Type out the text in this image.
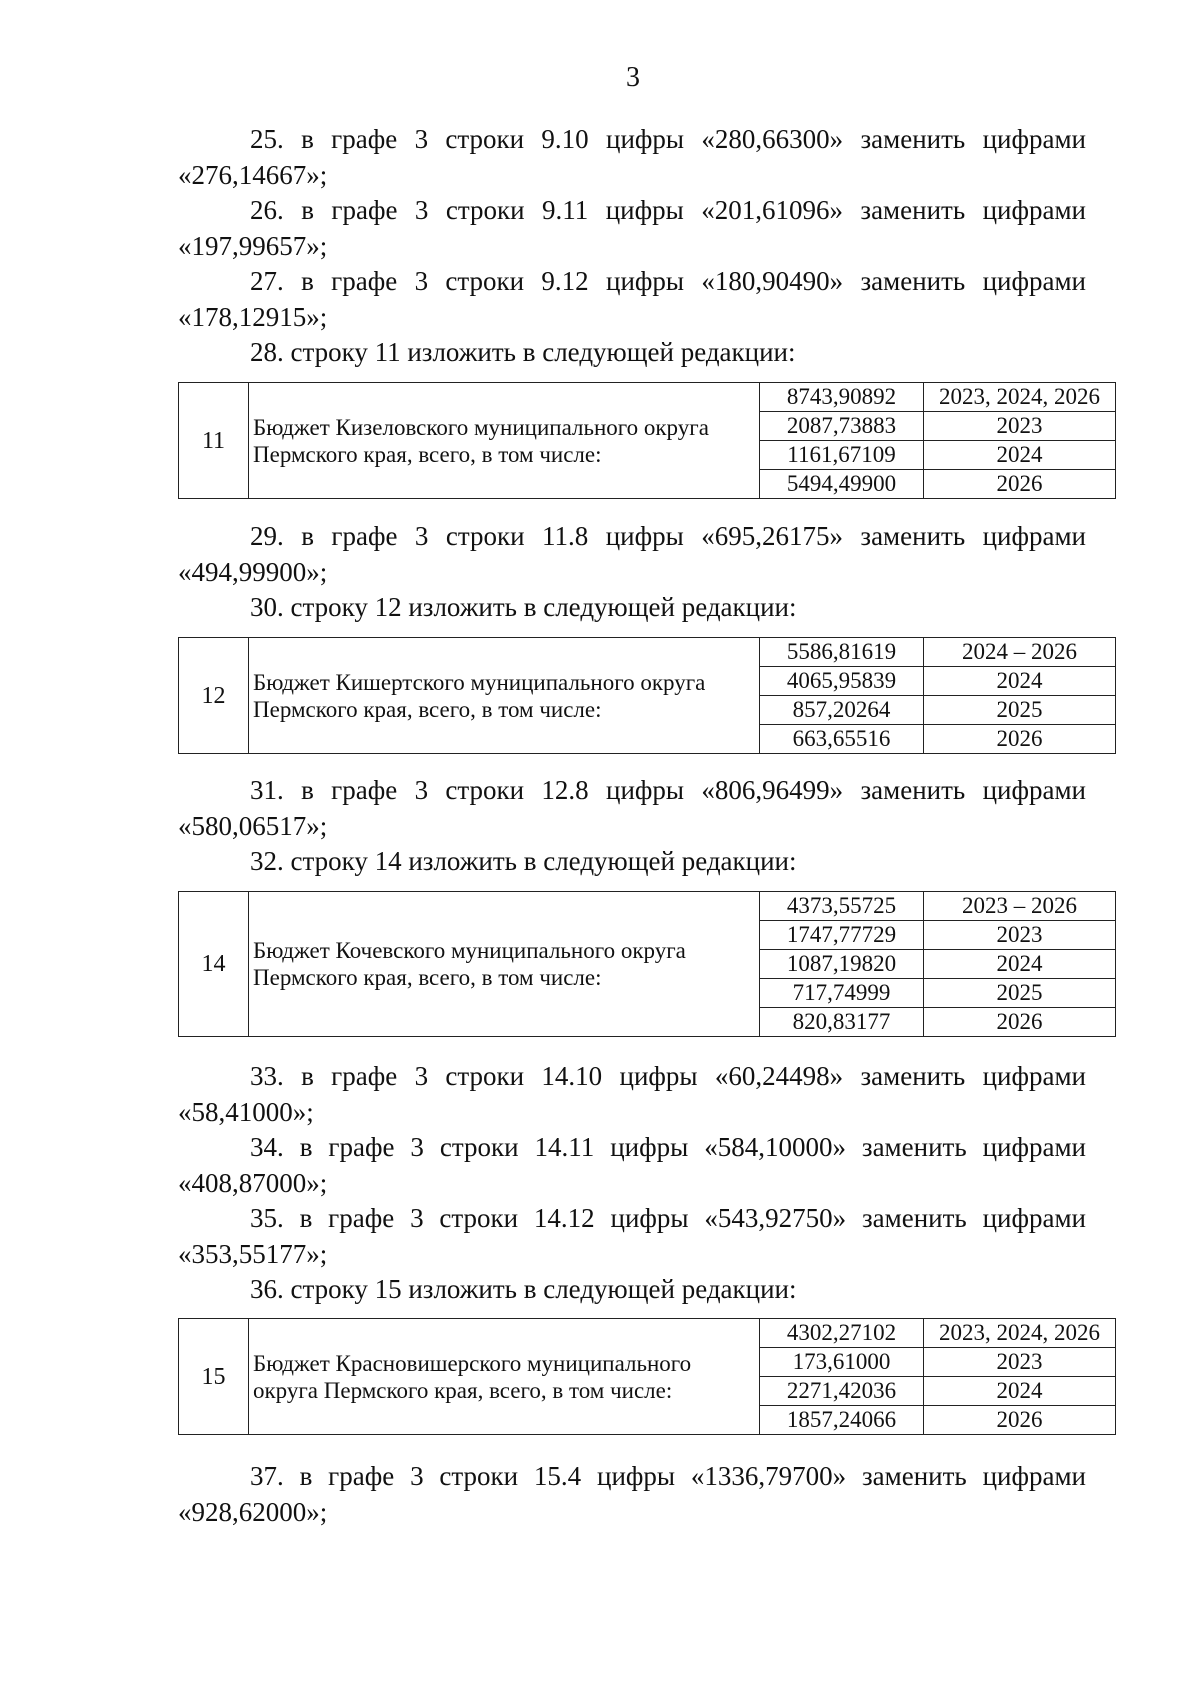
3
25. в графе 3 строки 9.10 цифры «280,66300» заменить цифрами
«276,14667»;
26. в графе 3 строки 9.11 цифры «201,61096» заменить цифрами
«197,99657»;
27. в графе 3 строки 9.12 цифры «180,90490» заменить цифрами
«178,12915»;
28. строку 11 изложить в следующей редакции:
11	Бюджет Кизеловского муниципального округа Пермского края, всего, в том числе:	8743,90892	2023, 2024, 2026
		2087,73883	2023
		1161,67109	2024
		5494,49900	2026
29. в графе 3 строки 11.8 цифры «695,26175» заменить цифрами
«494,99900»;
30. строку 12 изложить в следующей редакции:
12	Бюджет Кишертского муниципального округа Пермского края, всего, в том числе:	5586,81619	2024 – 2026
		4065,95839	2024
		857,20264	2025
		663,65516	2026
31. в графе 3 строки 12.8 цифры «806,96499» заменить цифрами
«580,06517»;
32. строку 14 изложить в следующей редакции:
14	Бюджет Кочевского муниципального округа Пермского края, всего, в том числе:	4373,55725	2023 – 2026
		1747,77729	2023
		1087,19820	2024
		717,74999	2025
		820,83177	2026
33. в графе 3 строки 14.10 цифры «60,24498» заменить цифрами
«58,41000»;
34. в графе 3 строки 14.11 цифры «584,10000» заменить цифрами
«408,87000»;
35. в графе 3 строки 14.12 цифры «543,92750» заменить цифрами
«353,55177»;
36. строку 15 изложить в следующей редакции:
15	Бюджет Красновишерского муниципального округа Пермского края, всего, в том числе:	4302,27102	2023, 2024, 2026
		173,61000	2023
		2271,42036	2024
		1857,24066	2026
37. в графе 3 строки 15.4 цифры «1336,79700» заменить цифрами
«928,62000»;
